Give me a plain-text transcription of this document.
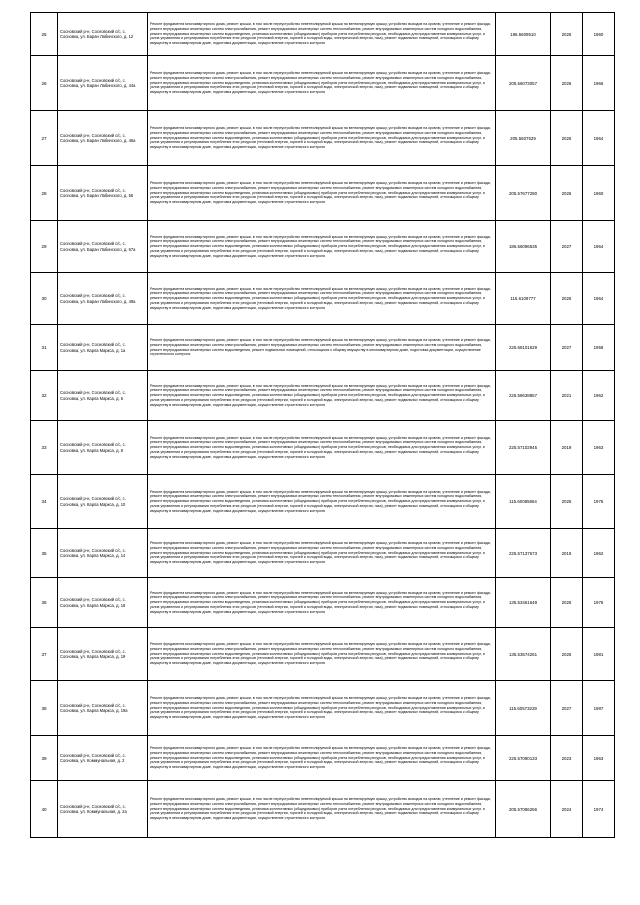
25	Сосновский р-н, Сосновский с/с, с. Сосновка, ул. Баран Лабинского, д. 12	Ремонт фундамента многоквартирного дома, ремонт крыши, в том числе переустройство невентилируемой крыши на вентилируемую крышу, устройство выходов на кровлю, утепление и ремонт фасада, ремонт внутридомовых инженерных систем электроснабжения, ремонт внутридомовых инженерных систем теплоснабжения, ремонт внутридомовых инженерных систем холодного водоснабжения, ремонт внутридомовых инженерных систем водоотведения, установка коллективных (общедомовых) приборов учета потребления ресурсов, необходимых для предоставления коммунальных услуг, и узлов управления и регулирования потребления этих ресурсов (тепловой энергии, горячей и холодной воды, электрической энергии, газа), ремонт подвальных помещений, относящихся к общему имуществу в многоквартирном доме, подготовка документации, осуществление строительного контроля	186.5609510	2026	1960
26	Сосновский р-н, Сосновский с/с, с. Сосновка, ул. Баран Лабинского, д. 44а	Ремонт фундамента многоквартирного дома, ремонт крыши, в том числе переустройство невентилируемой крыши на вентилируемую крышу, устройство выходов на кровлю, утепление и ремонт фасада, ремонт внутридомовых инженерных систем электроснабжения, ремонт внутридомовых инженерных систем теплоснабжения, ремонт внутридомовых инженерных систем холодного водоснабжения, ремонт внутридомовых инженерных систем водоотведения, установка коллективных (общедомовых) приборов учета потребления ресурсов, необходимых для предоставления коммунальных услуг, и узлов управления и регулирования потребления этих ресурсов (тепловой энергии, горячей и холодной воды, электрической энергии, газа), ремонт подвальных помещений, относящихся к общему имуществу в многоквартирном доме, подготовка документации, осуществление строительного контроля	205.56073057	2026	1966
27	Сосновский р-н, Сосновский с/с, с. Сосновка, ул. Баран Лабинского, д. 46а	Ремонт фундамента многоквартирного дома, ремонт крыши, в том числе переустройство невентилируемой крыши на вентилируемую крышу, устройство выходов на кровлю, утепление и ремонт фасада, ремонт внутридомовых инженерных систем электроснабжения, ремонт внутридомовых инженерных систем теплоснабжения, ремонт внутридомовых инженерных систем холодного водоснабжения, ремонт внутридомовых инженерных систем водоотведения, установка коллективных (общедомовых) приборов учета потребления ресурсов, необходимых для предоставления коммунальных услуг, и узлов управления и регулирования потребления этих ресурсов (тепловой энергии, горячей и холодной воды, электрической энергии, газа), ремонт подвальных помещений, относящихся к общему имуществу в многоквартирном доме, подготовка документации, осуществление строительного контроля	205.5607529	2026	1964
28	Сосновский р-н, Сосновский с/с, с. Сосновка, ул. Баран Лабинского, д. 56	Ремонт фундамента многоквартирного дома, ремонт крыши, в том числе переустройство невентилируемой крыши на вентилируемую крышу, устройство выходов на кровлю, утепление и ремонт фасада, ремонт внутридомовых инженерных систем электроснабжения, ремонт внутридомовых инженерных систем теплоснабжения, ремонт внутридомовых инженерных систем холодного водоснабжения, ремонт внутридомовых инженерных систем водоотведения, установка коллективных (общедомовых) приборов учета потребления ресурсов, необходимых для предоставления коммунальных услуг, и узлов управления и регулирования потребления этих ресурсов (тепловой энергии, горячей и холодной воды, электрической энергии, газа), ремонт подвальных помещений, относящихся к общему имуществу в многоквартирном доме, подготовка документации, осуществление строительного контроля	205.57677280	2026	1960
29	Сосновский р-н, Сосновский с/с, с. Сосновка, ул. Баран Лабинского, д. 67а	Ремонт фундамента многоквартирного дома, ремонт крыши, в том числе переустройство невентилируемой крыши на вентилируемую крышу, устройство выходов на кровлю, утепление и ремонт фасада, ремонт внутридомовых инженерных систем электроснабжения, ремонт внутридомовых инженерных систем теплоснабжения, ремонт внутридомовых инженерных систем холодного водоснабжения, ремонт внутридомовых инженерных систем водоотведения, установка коллективных (общедомовых) приборов учета потребления ресурсов, необходимых для предоставления коммунальных услуг, и узлов управления и регулирования потребления этих ресурсов (тепловой энергии, горячей и холодной воды, электрической энергии, газа), ремонт подвальных помещений, относящихся к общему имуществу в многоквартирном доме, подготовка документации, осуществление строительного контроля	186.56096535	2027	1964
30	Сосновский р-н, Сосновский с/с, с. Сосновка, ул. Баран Лабинского, д. 49а	Ремонт фундамента многоквартирного дома, ремонт крыши, в том числе переустройство невентилируемой крыши на вентилируемую крышу, устройство выходов на кровлю, утепление и ремонт фасада, ремонт внутридомовых инженерных систем электроснабжения, ремонт внутридомовых инженерных систем теплоснабжения, ремонт внутридомовых инженерных систем холодного водоснабжения, ремонт внутридомовых инженерных систем водоотведения, установка коллективных (общедомовых) приборов учета потребления ресурсов, необходимых для предоставления коммунальных услуг, и узлов управления и регулирования потребления этих ресурсов (тепловой энергии, горячей и холодной воды, электрической энергии, газа), ремонт подвальных помещений, относящихся к общему имуществу в многоквартирном доме, подготовка документации, осуществление строительного контроля	115.6109777	2026	1964
31	Сосновский р-н, Сосновский с/с, с. Сосновка, ул. Карла Маркса, д. 1а	Ремонт фундамента многоквартирного дома, ремонт крыши, в том числе переустройство невентилируемой крыши на вентилируемую крышу, устройство выходов на кровлю, утепление и ремонт фасада, ремонт внутридомовых инженерных систем электроснабжения, ремонт внутридомовых инженерных систем теплоснабжения, ремонт внутридомовых инженерных систем холодного водоснабжения, ремонт внутридомовых инженерных систем водоотведения, ремонт подвальных помещений, относящихся к общему имуществу в многоквартирном доме, подготовка документации, осуществление строительного контроля	225.68101629	2027	1958
32	Сосновский р-н, Сосновский с/с, с. Сосновка, ул. Карла Маркса, д. 5	Ремонт фундамента многоквартирного дома, ремонт крыши, в том числе переустройство невентилируемой крыши на вентилируемую крышу, устройство выходов на кровлю, утепление и ремонт фасада, ремонт внутридомовых инженерных систем электроснабжения, ремонт внутридомовых инженерных систем теплоснабжения, ремонт внутридомовых инженерных систем холодного водоснабжения, ремонт внутридомовых инженерных систем водоотведения, установка коллективных (общедомовых) приборов учета потребления ресурсов, необходимых для предоставления коммунальных услуг, и узлов управления и регулирования потребления этих ресурсов (тепловой энергии, горячей и холодной воды, электрической энергии, газа), ремонт подвальных помещений, относящихся к общему имуществу в многоквартирном доме, подготовка документации, осуществление строительного контроля	225.58638857	2021	1962
33	Сосновский р-н, Сосновский с/с, с. Сосновка, ул. Карла Маркса, д. 8	Ремонт фундамента многоквартирного дома, ремонт крыши, в том числе переустройство невентилируемой крыши на вентилируемую крышу, устройство выходов на кровлю, утепление и ремонт фасада, ремонт внутридомовых инженерных систем электроснабжения, ремонт внутридомовых инженерных систем теплоснабжения, ремонт внутридомовых инженерных систем холодного водоснабжения, ремонт внутридомовых инженерных систем водоотведения, установка коллективных (общедомовых) приборов учета потребления ресурсов, необходимых для предоставления коммунальных услуг, и узлов управления и регулирования потребления этих ресурсов (тепловой энергии, горячей и холодной воды, электрической энергии, газа), ремонт подвальных помещений, относящихся к общему имуществу в многоквартирном доме, подготовка документации, осуществление строительного контроля	225.57102945	2019	1963
34	Сосновский р-н, Сосновский с/с, с. Сосновка, ул. Карла Маркса, д. 10	Ремонт фундамента многоквартирного дома, ремонт крыши, в том числе переустройство невентилируемой крыши на вентилируемую крышу, устройство выходов на кровлю, утепление и ремонт фасада, ремонт внутридомовых инженерных систем электроснабжения, ремонт внутридомовых инженерных систем теплоснабжения, ремонт внутридомовых инженерных систем холодного водоснабжения, ремонт внутридомовых инженерных систем водоотведения, установка коллективных (общедомовых) приборов учета потребления ресурсов, необходимых для предоставления коммунальных услуг, и узлов управления и регулирования потребления этих ресурсов (тепловой энергии, горячей и холодной воды, электрической энергии, газа), ремонт подвальных помещений, относящихся к общему имуществу в многоквартирном доме, подготовка документации, осуществление строительного контроля	115.60085864	2025	1975
35	Сосновский р-н, Сосновский с/с, с. Сосновка, ул. Карла Маркса, д. 14	Ремонт фундамента многоквартирного дома, ремонт крыши, в том числе переустройство невентилируемой крыши на вентилируемую крышу, устройство выходов на кровлю, утепление и ремонт фасада, ремонт внутридомовых инженерных систем электроснабжения, ремонт внутридомовых инженерных систем теплоснабжения, ремонт внутридомовых инженерных систем холодного водоснабжения, ремонт внутридомовых инженерных систем водоотведения, установка коллективных (общедомовых) приборов учета потребления ресурсов, необходимых для предоставления коммунальных услуг, и узлов управления и регулирования потребления этих ресурсов (тепловой энергии, горячей и холодной воды, электрической энергии, газа), ремонт подвальных помещений, относящихся к общему имуществу в многоквартирном доме, подготовка документации, осуществление строительного контроля	225.57137673	2019	1962
36	Сосновский р-н, Сосновский с/с, с. Сосновка, ул. Карла Маркса, д. 18	Ремонт фундамента многоквартирного дома, ремонт крыши, в том числе переустройство невентилируемой крыши на вентилируемую крышу, устройство выходов на кровлю, утепление и ремонт фасада, ремонт внутридомовых инженерных систем электроснабжения, ремонт внутридомовых инженерных систем теплоснабжения, ремонт внутридомовых инженерных систем холодного водоснабжения, ремонт внутридомовых инженерных систем водоотведения, установка коллективных (общедомовых) приборов учета потребления ресурсов, необходимых для предоставления коммунальных услуг, и узлов управления и регулирования потребления этих ресурсов (тепловой энергии, горячей и холодной воды, электрической энергии, газа), ремонт подвальных помещений, относящихся к общему имуществу в многоквартирном доме, подготовка документации, осуществление строительного контроля	135.53461648	2026	1976
37	Сосновский р-н, Сосновский с/с, с. Сосновка, ул. Карла Маркса, д. 19	Ремонт фундамента многоквартирного дома, ремонт крыши, в том числе переустройство невентилируемой крыши на вентилируемую крышу, устройство выходов на кровлю, утепление и ремонт фасада, ремонт внутридомовых инженерных систем электроснабжения, ремонт внутридомовых инженерных систем теплоснабжения, ремонт внутридомовых инженерных систем холодного водоснабжения, ремонт внутридомовых инженерных систем водоотведения, установка коллективных (общедомовых) приборов учета потребления ресурсов, необходимых для предоставления коммунальных услуг, и узлов управления и регулирования потребления этих ресурсов (тепловой энергии, горячей и холодной воды, электрической энергии, газа), ремонт подвальных помещений, относящихся к общему имуществу в многоквартирном доме, подготовка документации, осуществление строительного контроля	135.53574261	2026	1981
38	Сосновский р-н, Сосновский с/с, с. Сосновка, ул. Карла Маркса, д. 19а	Ремонт фундамента многоквартирного дома, ремонт крыши, в том числе переустройство невентилируемой крыши на вентилируемую крышу, устройство выходов на кровлю, утепление и ремонт фасада, ремонт внутридомовых инженерных систем электроснабжения, ремонт внутридомовых инженерных систем теплоснабжения, ремонт внутридомовых инженерных систем холодного водоснабжения, ремонт внутридомовых инженерных систем водоотведения, установка коллективных (общедомовых) приборов учета потребления ресурсов, необходимых для предоставления коммунальных услуг, и узлов управления и регулирования потребления этих ресурсов (тепловой энергии, горячей и холодной воды, электрической энергии, газа), ремонт подвальных помещений, относящихся к общему имуществу в многоквартирном доме, подготовка документации, осуществление строительного контроля	115.60573229	2027	1987
39	Сосновский р-н, Сосновский с/с, с. Сосновка, ул. Коммунальная, д. 2	Ремонт фундамента многоквартирного дома, ремонт крыши, в том числе переустройство невентилируемой крыши на вентилируемую крышу, устройство выходов на кровлю, утепление и ремонт фасада, ремонт внутридомовых инженерных систем электроснабжения, ремонт внутридомовых инженерных систем теплоснабжения, ремонт внутридомовых инженерных систем холодного водоснабжения, ремонт внутридомовых инженерных систем водоотведения, установка коллективных (общедомовых) приборов учета потребления ресурсов, необходимых для предоставления коммунальных услуг, и узлов управления и регулирования потребления этих ресурсов (тепловой энергии, горячей и холодной воды, электрической энергии, газа), ремонт подвальных помещений, относящихся к общему имуществу в многоквартирном доме, подготовка документации, осуществление строительного контроля	225.57090133	2023	1963
40	Сосновский р-н, Сосновский с/с, с. Сосновка, ул. Коммунальная, д. 2а	Ремонт фундамента многоквартирного дома, ремонт крыши, в том числе переустройство невентилируемой крыши на вентилируемую крышу, устройство выходов на кровлю, утепление и ремонт фасада, ремонт внутридомовых инженерных систем электроснабжения, ремонт внутридомовых инженерных систем теплоснабжения, ремонт внутридомовых инженерных систем холодного водоснабжения, ремонт внутридомовых инженерных систем водоотведения, установка коллективных (общедомовых) приборов учета потребления ресурсов, необходимых для предоставления коммунальных услуг, и узлов управления и регулирования потребления этих ресурсов (тепловой энергии, горячей и холодной воды, электрической энергии, газа), ремонт подвальных помещений, относящихся к общему имуществу в многоквартирном доме, подготовка документации, осуществление строительного контроля	205.57086256	2024	1974
